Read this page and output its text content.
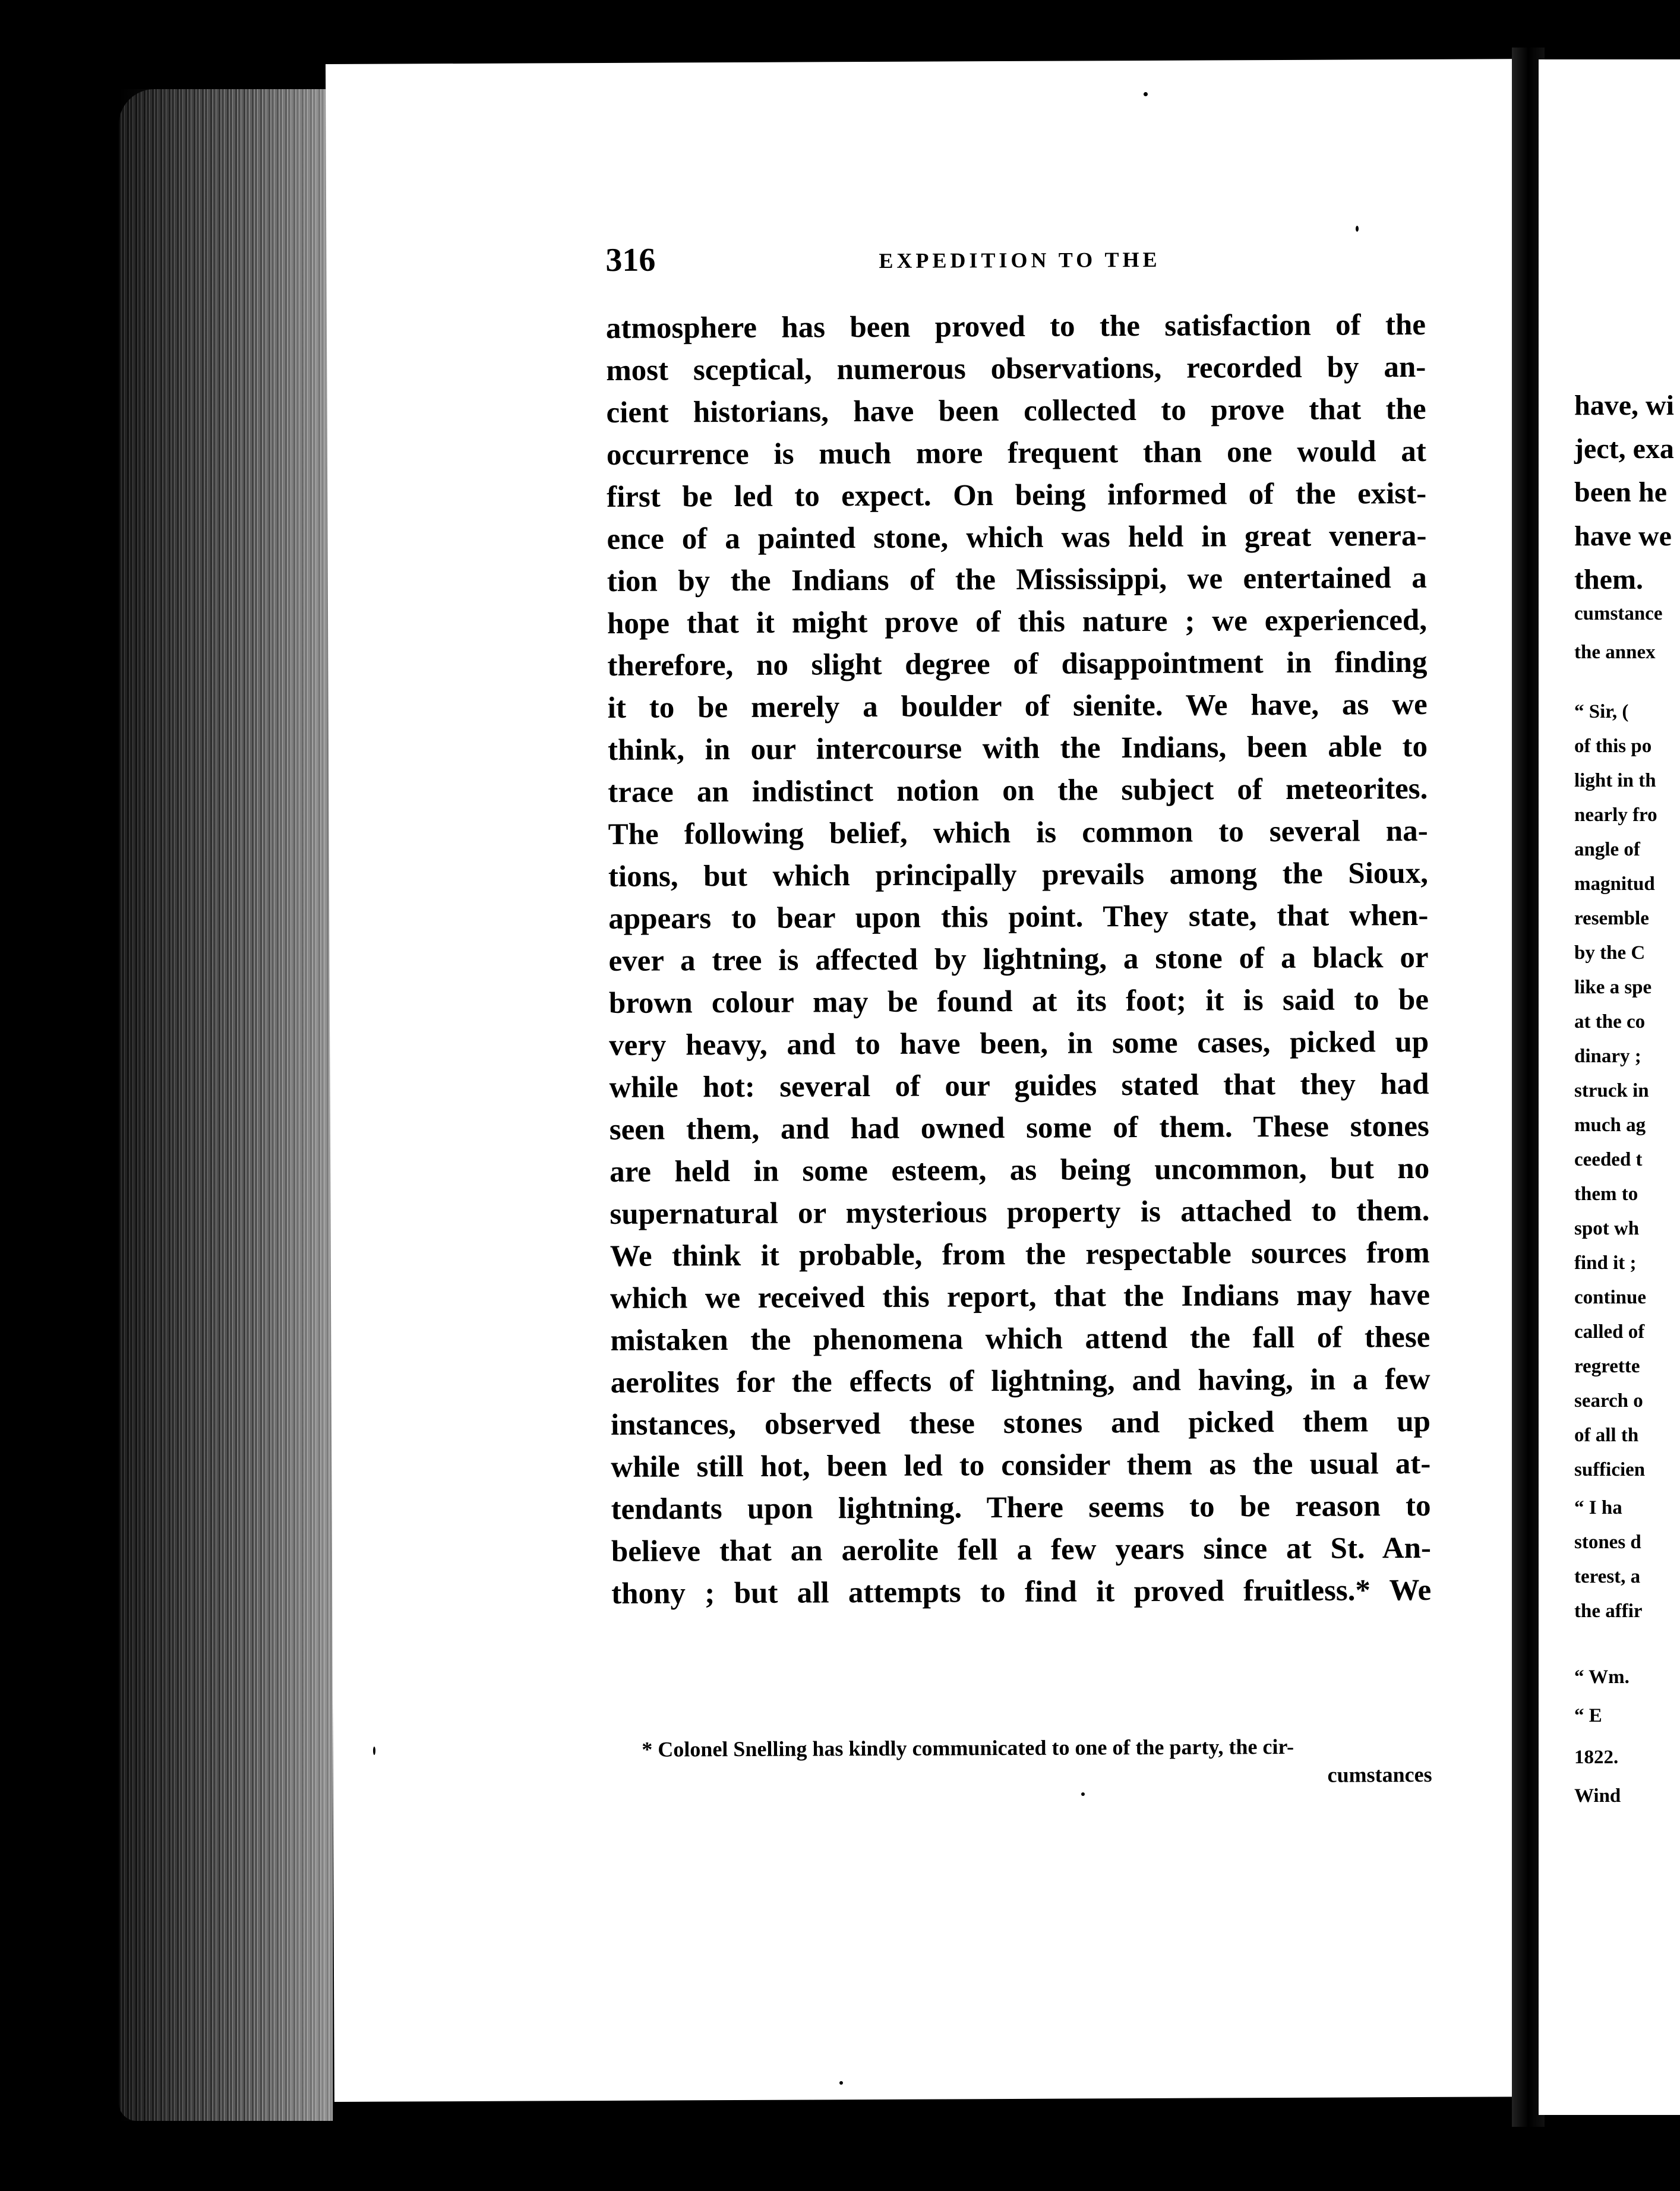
316	EXPEDITION TO THE
atmosphere has been proved to the satisfaction of the
most sceptical, numerous observations, recorded by an-
cient historians, have been collected to prove that the
occurrence is much more frequent than one would at
first be led to expect. On being informed of the exist-
ence of a painted stone, which was held in great venera-
tion by the Indians of the Mississippi, we entertained a
hope that it might prove of this nature ; we experienced,
therefore, no slight degree of disappointment in finding
it to be merely a boulder of sienite. We have, as we
think, in our intercourse with the Indians, been able to
trace an indistinct notion on the subject of meteorites.
The following belief, which is common to several na-
tions, but which principally prevails among the Sioux,
appears to bear upon this point. They state, that when-
ever a tree is affected by lightning, a stone of a black or
brown colour may be found at its foot; it is said to be
very heavy, and to have been, in some cases, picked up
while hot: several of our guides stated that they had
seen them, and had owned some of them. These stones
are held in some esteem, as being uncommon, but no
supernatural or mysterious property is attached to them.
We think it probable, from the respectable sources from
which we received this report, that the Indians may have
mistaken the phenomena which attend the fall of these
aerolites for the effects of lightning, and having, in a few
instances, observed these stones and picked them up
while still hot, been led to consider them as the usual at-
tendants upon lightning. There seems to be reason to
believe that an aerolite fell a few years since at St. An-
thony ; but all attempts to find it proved fruitless.* We
* Colonel Snelling has kindly communicated to one of the party, the cir-
cumstances
have, wi
ject, exa
been he
have we
them.
cumstance
the annex
“ Sir, (
of this po
light in th
nearly fro
angle of
magnitud
resemble
by the C
like a spe
at the co
dinary ;
struck in
much ag
ceeded t
them to
spot wh
find it ;
continue
called of
regrette
search o
of all th
sufficien
“ I ha
stones d
terest, a
the affir
“ Wm.
“ E
1822.
Wind
